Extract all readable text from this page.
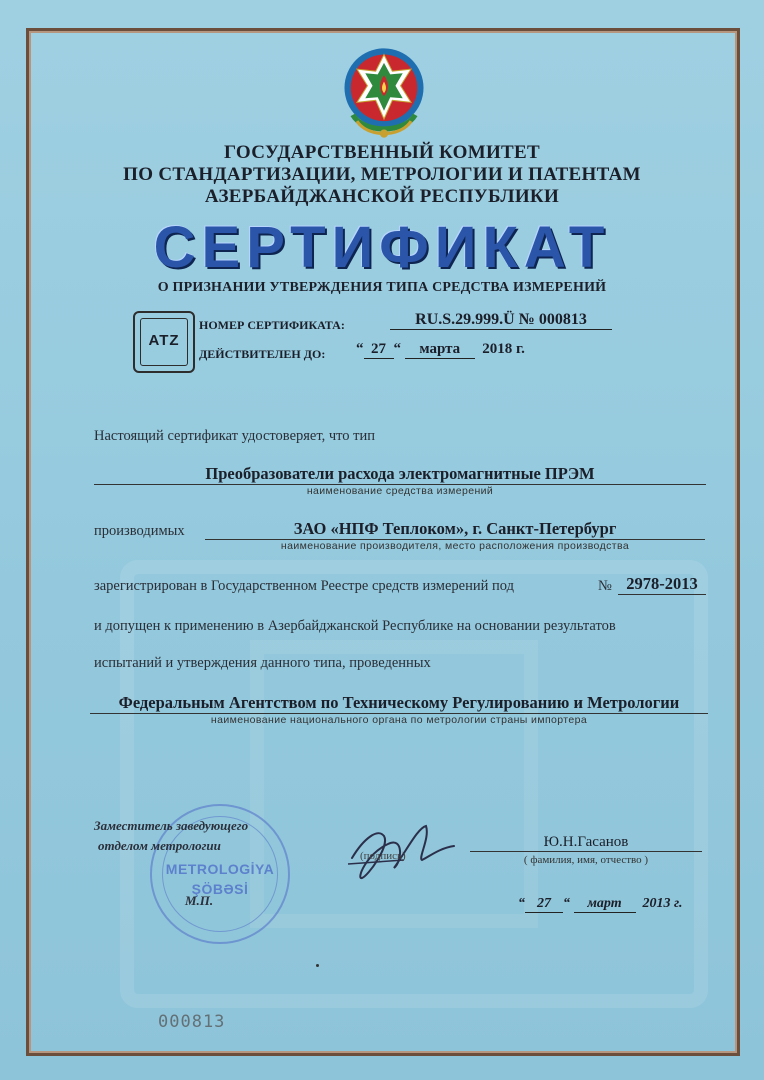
ГОСУДАРСТВЕННЫЙ КОМИТЕТ
ПО СТАНДАРТИЗАЦИИ, МЕТРОЛОГИИ И ПАТЕНТАМ
АЗЕРБАЙДЖАНСКОЙ РЕСПУБЛИКИ
СЕРТИФИКАТ
О ПРИЗНАНИИ УТВЕРЖДЕНИЯ ТИПА СРЕДСТВА ИЗМЕРЕНИЙ
ATZ
НОМЕР СЕРТИФИКАТА:	RU.S.29.999.Ü № 000813
ДЕЙСТВИТЕЛЕН ДО: “ 27 “ марта 2018 г.
Настоящий сертификат удостоверяет, что тип
Преобразователи расхода электромагнитные ПРЭМ
наименование средства измерений
производимых	ЗАО «НПФ Теплоком», г. Санкт-Петербург
наименование производителя, место расположения производства
зарегистрирован в Государственном Реестре средств измерений под	№ 2978-2013
и допущен к применению в Азербайджанской Республике на основании результатов
испытаний и утверждения данного типа, проведенных
Федеральным Агентством по Техническому Регулированию и Метрологии
наименование национального органа по метрологии страны импортера
METROLOGİYA
ŞÖBƏSİ
Заместитель заведующего
отделом метрологии
М.П.
(подпись)
Ю.Н.Гасанов
( фамилия, имя, отчество )
“ 27 “ март 2013 г.
000813
